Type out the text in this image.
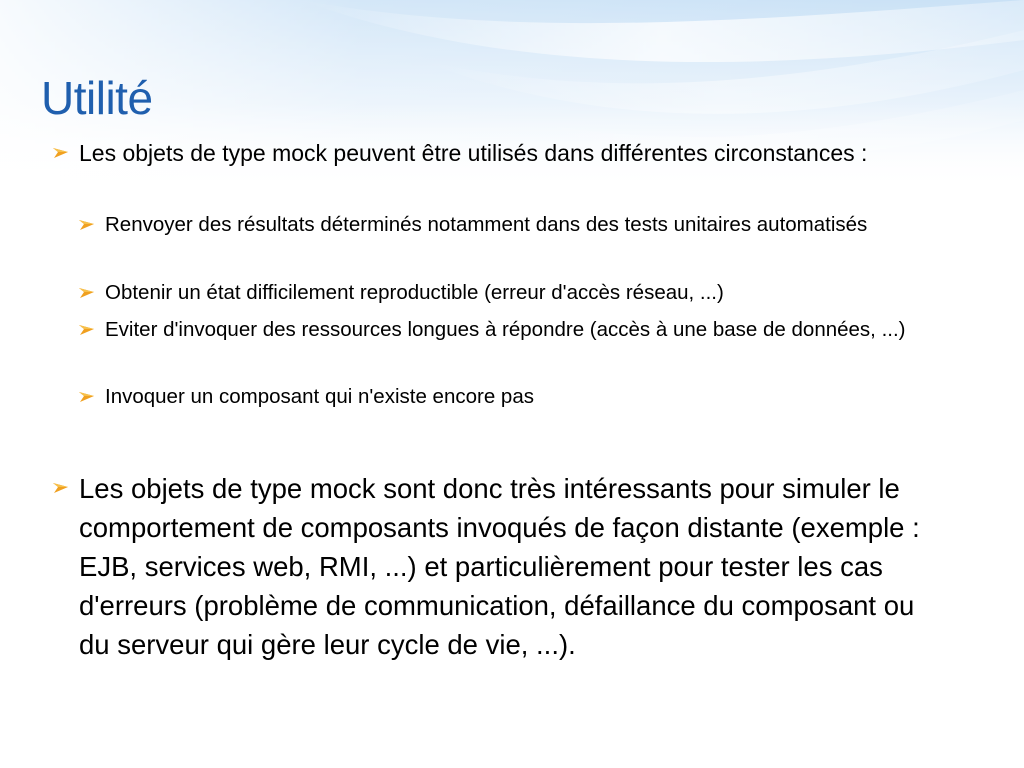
Utilité
Les objets de type mock peuvent être utilisés dans différentes circonstances :
Renvoyer des résultats déterminés notamment dans des tests unitaires automatisés
Obtenir un état difficilement reproductible (erreur d'accès réseau, ...)
Eviter d'invoquer des ressources longues à répondre (accès à une base de données, ...)
Invoquer un composant qui n'existe encore pas
Les objets de type mock sont donc très intéressants pour simuler le comportement de composants invoqués de façon distante (exemple : EJB, services web, RMI, ...) et particulièrement pour tester les cas d'erreurs (problème de communication, défaillance du composant ou du serveur qui gère leur cycle de vie, ...).
